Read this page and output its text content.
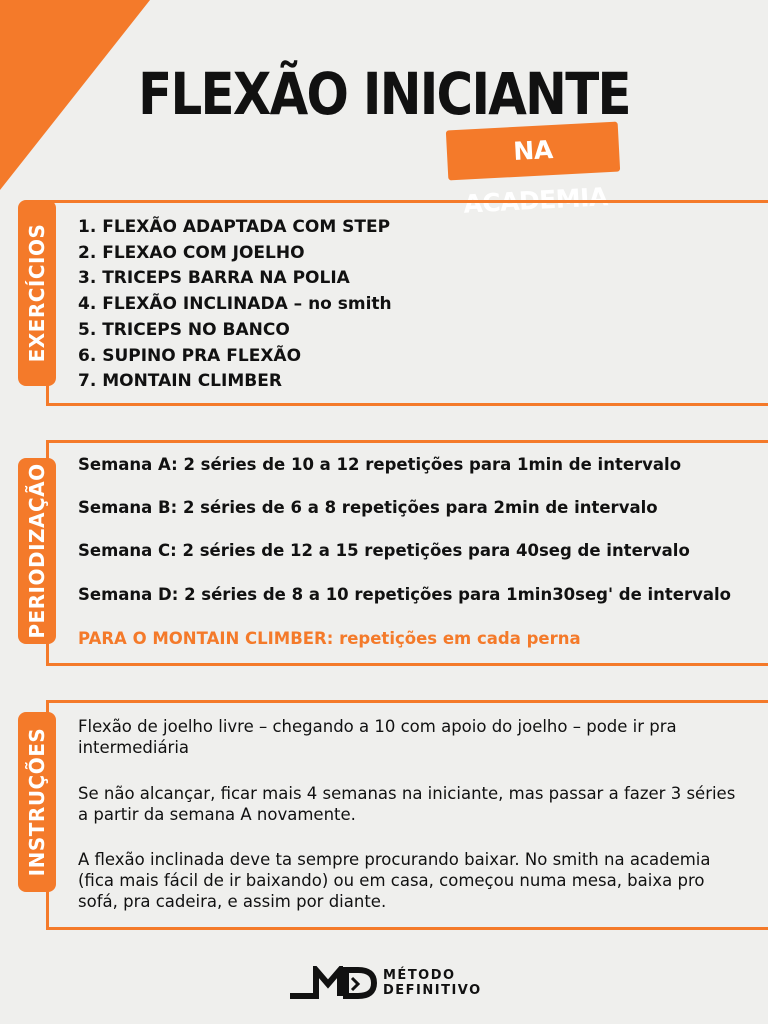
FLEXÃO INICIANTE
NA ACADEMIA
EXERCÍCIOS 1. FLEXÃO ADAPTADA COM STEP
2. FLEXAO COM JOELHO
3. TRICEPS BARRA NA POLIA
4. FLEXÃO INCLINADA – no smith
5. TRICEPS NO BANCO
6. SUPINO PRA FLEXÃO
7. MONTAIN CLIMBER
PERIODIZAÇÃO Semana A: 2 séries de 10 a 12 repetições para 1min de intervalo
Semana B: 2 séries de 6 a 8 repetições para 2min de intervalo
Semana C: 2 séries de 12 a 15 repetições para 40seg de intervalo
Semana D: 2 séries de 8 a 10 repetições para 1min30seg' de intervalo
PARA O MONTAIN CLIMBER: repetições em cada perna
INSTRUÇÕES

Flexão de joelho livre – chegando a 10 com apoio do joelho – pode ir pra intermediária

Se não alcançar, ficar mais 4 semanas na iniciante, mas passar a fazer 3 séries a partir da semana A novamente.

A flexão inclinada deve ta sempre procurando baixar. No smith na academia (fica mais fácil de ir baixando) ou em casa, começou numa mesa, baixa pro sofá, pra cadeira, e assim por diante.

MÉTODO
DEFINITIVO
